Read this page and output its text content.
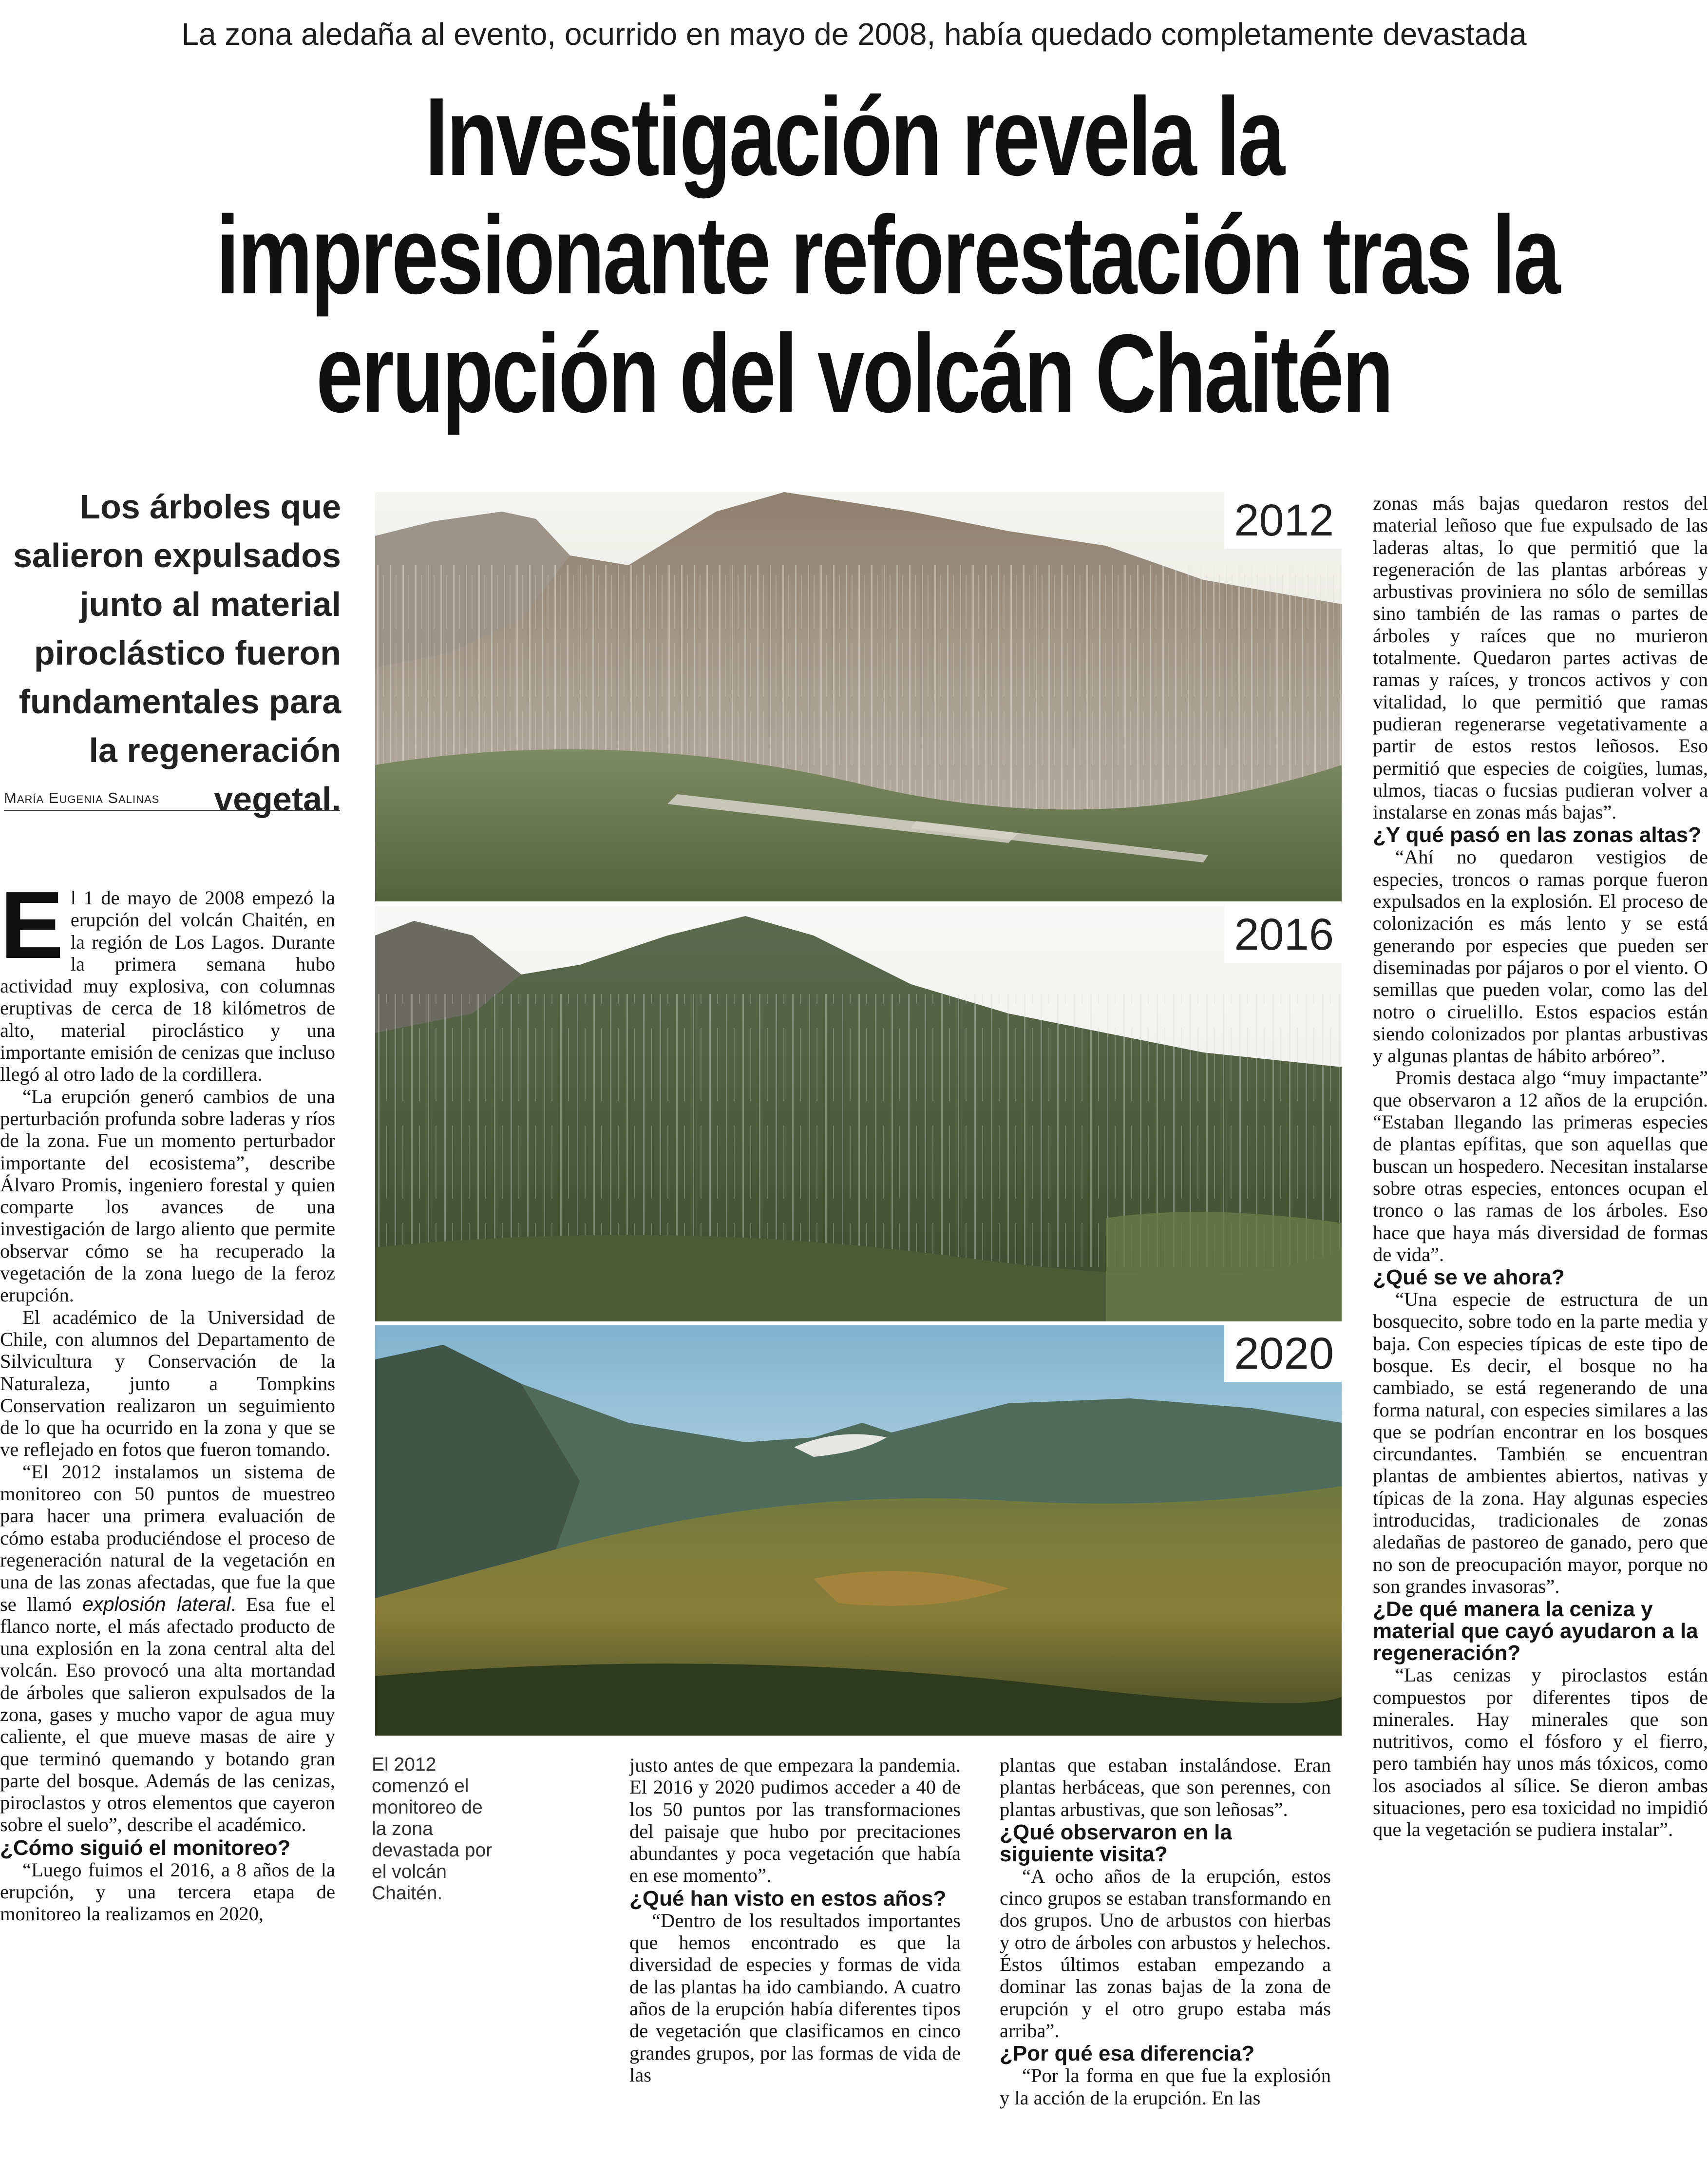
La zona aledaña al evento, ocurrido en mayo de 2008, había quedado completamente devastada
Investigación revela la
impresionante reforestación tras la
erupción del volcán Chaitén
Los árboles que salieron expulsados junto al material piroclástico fueron fundamentales para la regeneración vegetal.
María Eugenia Salinas

El 1 de mayo de 2008 empezó la erupción del volcán Chaitén, en la región de Los Lagos. Durante la primera semana hubo actividad muy explosiva, con columnas eruptivas de cerca de 18 kilómetros de alto, material piroclástico y una importante emisión de cenizas que incluso llegó al otro lado de la cordillera.

“La erupción generó cambios de una perturbación profunda sobre laderas y ríos de la zona. Fue un momento perturbador importante del ecosistema”, describe Álvaro Promis, ingeniero forestal y quien comparte los avances de una investigación de largo aliento que permite observar cómo se ha recuperado la vegetación de la zona luego de la feroz erupción.

El académico de la Universidad de Chile, con alumnos del Departamento de Silvicultura y Conservación de la Naturaleza, junto a Tompkins Conservation realizaron un seguimiento de lo que ha ocurrido en la zona y que se ve reflejado en fotos que fueron tomando.

“El 2012 instalamos un sistema de monitoreo con 50 puntos de muestreo para hacer una primera evaluación de cómo estaba produciéndose el proceso de regeneración natural de la vegetación en una de las zonas afectadas, que fue la que se llamó explosión lateral. Esa fue el flanco norte, el más afectado producto de una explosión en la zona central alta del volcán. Eso provocó una alta mortandad de árboles que salieron expulsados de la zona, gases y mucho vapor de agua muy caliente, el que mueve masas de aire y que terminó quemando y botando gran parte del bosque. Además de las cenizas, piroclastos y otros elementos que cayeron sobre el suelo”, describe el académico.

¿Cómo siguió el monitoreo?

“Luego fuimos el 2016, a 8 años de la erupción, y una tercera etapa de monitoreo la realizamos en 2020,

2012
2016
2020
El 2012 comenzó el monitoreo de la zona devastada por el volcán Chaitén.

justo antes de que empezara la pandemia. El 2016 y 2020 pudimos acceder a 40 de los 50 puntos por las transformaciones del paisaje que hubo por precitaciones abundantes y poca vegetación que había en ese momento”.

¿Qué han visto en estos años?

“Dentro de los resultados importantes que hemos encontrado es que la diversidad de especies y formas de vida de las plantas ha ido cambiando. A cuatro años de la erupción había diferentes tipos de vegetación que clasificamos en cinco grandes grupos, por las formas de vida de las

plantas que estaban instalándose. Eran plantas herbáceas, que son perennes, con plantas arbustivas, que son leñosas”.

¿Qué observaron en la siguiente visita?

“A ocho años de la erupción, estos cinco grupos se estaban transformando en dos grupos. Uno de arbustos con hierbas y otro de árboles con arbustos y helechos. Éstos últimos estaban empezando a dominar las zonas bajas de la zona de erupción y el otro grupo estaba más arriba”.

¿Por qué esa diferencia?

“Por la forma en que fue la explosión y la acción de la erupción. En las

zonas más bajas quedaron restos del material leñoso que fue expulsado de las laderas altas, lo que permitió que la regeneración de las plantas arbóreas y arbustivas proviniera no sólo de semillas sino también de las ramas o partes de árboles y raíces que no murieron totalmente. Quedaron partes activas de ramas y raíces, y troncos activos y con vitalidad, lo que permitió que ramas pudieran regenerarse vegetativamente a partir de estos restos leñosos. Eso permitió que especies de coigües, lumas, ulmos, tiacas o fucsias pudieran volver a instalarse en zonas más bajas”.

¿Y qué pasó en las zonas altas?

“Ahí no quedaron vestigios de especies, troncos o ramas porque fueron expulsados en la explosión. El proceso de colonización es más lento y se está generando por especies que pueden ser diseminadas por pájaros o por el viento. O semillas que pueden volar, como las del notro o ciruelillo. Estos espacios están siendo colonizados por plantas arbustivas y algunas plantas de hábito arbóreo”.

Promis destaca algo “muy impactante” que observaron a 12 años de la erupción. “Estaban llegando las primeras especies de plantas epífitas, que son aquellas que buscan un hospedero. Necesitan instalarse sobre otras especies, entonces ocupan el tronco o las ramas de los árboles. Eso hace que haya más diversidad de formas de vida”.

¿Qué se ve ahora?

“Una especie de estructura de un bosquecito, sobre todo en la parte media y baja. Con especies típicas de este tipo de bosque. Es decir, el bosque no ha cambiado, se está regenerando de una forma natural, con especies similares a las que se podrían encontrar en los bosques circundantes. También se encuentran plantas de ambientes abiertos, nativas y típicas de la zona. Hay algunas especies introducidas, tradicionales de zonas aledañas de pastoreo de ganado, pero que no son de preocupación mayor, porque no son grandes invasoras”.

¿De qué manera la ceniza y material que cayó ayudaron a la regeneración?

“Las cenizas y piroclastos están compuestos por diferentes tipos de minerales. Hay minerales que son nutritivos, como el fósforo y el fierro, pero también hay unos más tóxicos, como los asociados al sílice. Se dieron ambas situaciones, pero esa toxicidad no impidió que la vegetación se pudiera instalar”.
